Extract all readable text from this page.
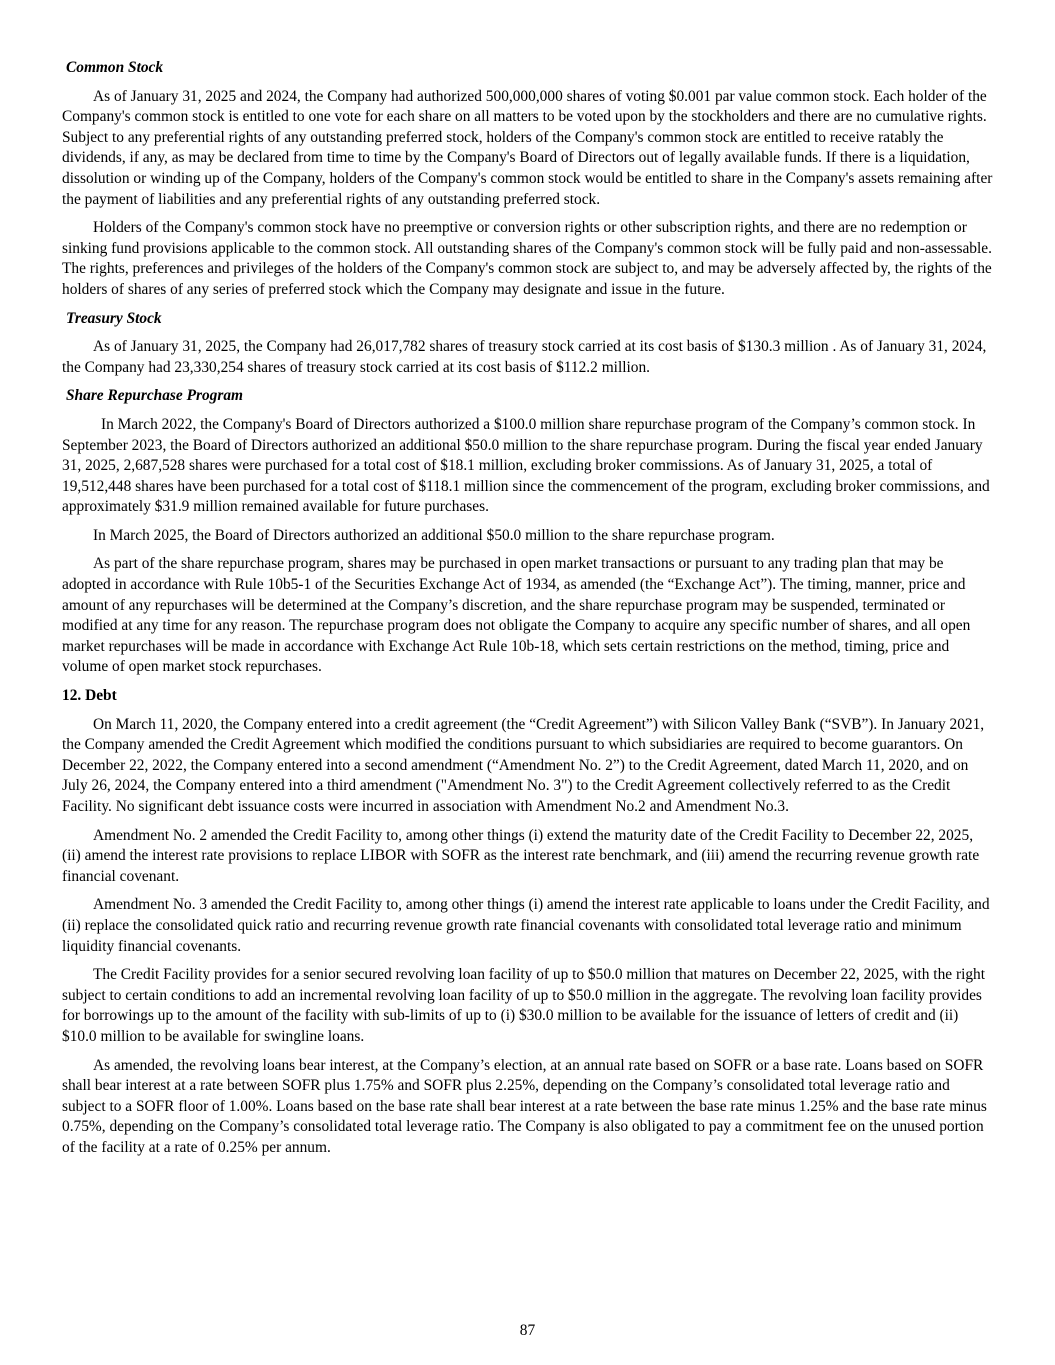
Common Stock

As of January 31, 2025 and 2024, the Company had authorized 500,000,000 shares of voting $0.001 par value common stock. Each holder of the Company's common stock is entitled to one vote for each share on all matters to be voted upon by the stockholders and there are no cumulative rights. Subject to any preferential rights of any outstanding preferred stock, holders of the Company's common stock are entitled to receive ratably the dividends, if any, as may be declared from time to time by the Company's Board of Directors out of legally available funds. If there is a liquidation, dissolution or winding up of the Company, holders of the Company's common stock would be entitled to share in the Company's assets remaining after the payment of liabilities and any preferential rights of any outstanding preferred stock.

Holders of the Company's common stock have no preemptive or conversion rights or other subscription rights, and there are no redemption or sinking fund provisions applicable to the common stock. All outstanding shares of the Company's common stock will be fully paid and non-assessable. The rights, preferences and privileges of the holders of the Company's common stock are subject to, and may be adversely affected by, the rights of the holders of shares of any series of preferred stock which the Company may designate and issue in the future.

Treasury Stock

As of January 31, 2025, the Company had 26,017,782 shares of treasury stock carried at its cost basis of $130.3 million . As of January 31, 2024, the Company had 23,330,254 shares of treasury stock carried at its cost basis of $112.2 million.

Share Repurchase Program

In March 2022, the Company's Board of Directors authorized a $100.0 million share repurchase program of the Company’s common stock. In September 2023, the Board of Directors authorized an additional $50.0 million to the share repurchase program. During the fiscal year ended January 31, 2025, 2,687,528 shares were purchased for a total cost of $18.1 million, excluding broker commissions. As of January 31, 2025, a total of 19,512,448 shares have been purchased for a total cost of $118.1 million since the commencement of the program, excluding broker commissions, and approximately $31.9 million remained available for future purchases.

In March 2025, the Board of Directors authorized an additional $50.0 million to the share repurchase program.

As part of the share repurchase program, shares may be purchased in open market transactions or pursuant to any trading plan that may be adopted in accordance with Rule 10b5-1 of the Securities Exchange Act of 1934, as amended (the “Exchange Act”). The timing, manner, price and amount of any repurchases will be determined at the Company’s discretion, and the share repurchase program may be suspended, terminated or modified at any time for any reason. The repurchase program does not obligate the Company to acquire any specific number of shares, and all open market repurchases will be made in accordance with Exchange Act Rule 10b-18, which sets certain restrictions on the method, timing, price and volume of open market stock repurchases.

12. Debt

On March 11, 2020, the Company entered into a credit agreement (the “Credit Agreement”) with Silicon Valley Bank (“SVB”). In January 2021, the Company amended the Credit Agreement which modified the conditions pursuant to which subsidiaries are required to become guarantors. On December 22, 2022, the Company entered into a second amendment (“Amendment No. 2”) to the Credit Agreement, dated March 11, 2020, and on July 26, 2024, the Company entered into a third amendment ("Amendment No. 3") to the Credit Agreement collectively referred to as the Credit Facility. No significant debt issuance costs were incurred in association with Amendment No.2 and Amendment No.3.

Amendment No. 2 amended the Credit Facility to, among other things (i) extend the maturity date of the Credit Facility to December 22, 2025, (ii) amend the interest rate provisions to replace LIBOR with SOFR as the interest rate benchmark, and (iii) amend the recurring revenue growth rate financial covenant.

Amendment No. 3 amended the Credit Facility to, among other things (i) amend the interest rate applicable to loans under the Credit Facility, and (ii) replace the consolidated quick ratio and recurring revenue growth rate financial covenants with consolidated total leverage ratio and minimum liquidity financial covenants.

The Credit Facility provides for a senior secured revolving loan facility of up to $50.0 million that matures on December 22, 2025, with the right subject to certain conditions to add an incremental revolving loan facility of up to $50.0 million in the aggregate. The revolving loan facility provides for borrowings up to the amount of the facility with sub-limits of up to (i) $30.0 million to be available for the issuance of letters of credit and (ii) $10.0 million to be available for swingline loans.

As amended, the revolving loans bear interest, at the Company’s election, at an annual rate based on SOFR or a base rate. Loans based on SOFR shall bear interest at a rate between SOFR plus 1.75% and SOFR plus 2.25%, depending on the Company’s consolidated total leverage ratio and subject to a SOFR floor of 1.00%. Loans based on the base rate shall bear interest at a rate between the base rate minus 1.25% and the base rate minus 0.75%, depending on the Company’s consolidated total leverage ratio. The Company is also obligated to pay a commitment fee on the unused portion of the facility at a rate of 0.25% per annum.

87
